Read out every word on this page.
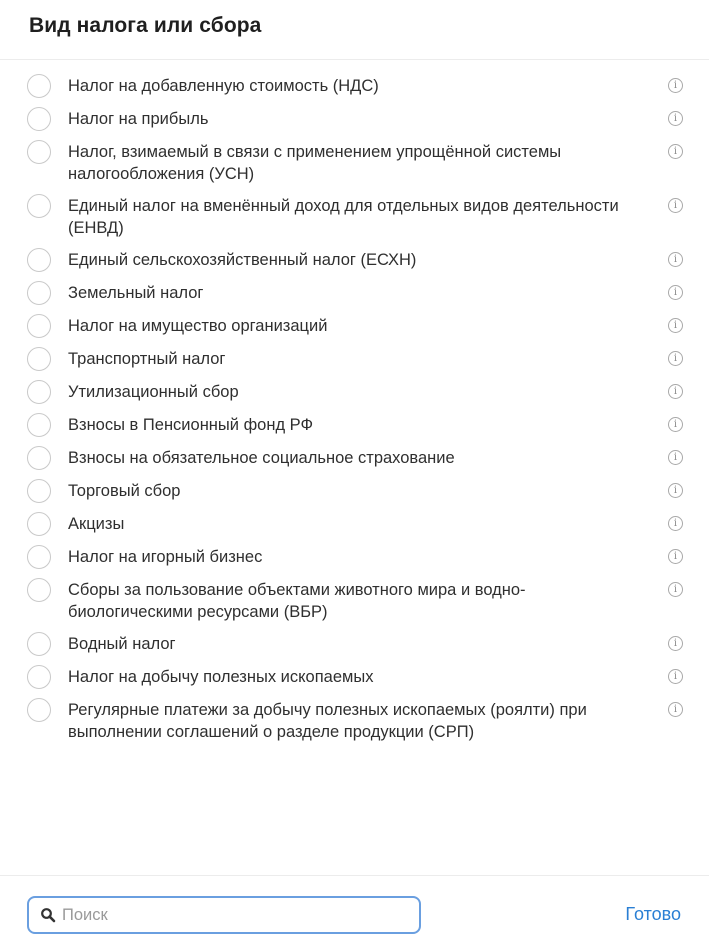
Вид налога или сбора
Налог на добавленную стоимость (НДС)	i
Налог на прибыль	i
Налог, взимаемый в связи с применением упрощённой системы налогообложения (УСН)
i
Единый налог на вменённый доход для отдельных видов деятельности (ЕНВД)
i
Единый сельскохозяйственный налог (ЕСХН)	i
Земельный налог	i
Налог на имущество организаций	i
Транспортный налог	i
Утилизационный сбор	i
Взносы в Пенсионный фонд РФ	i
Взносы на обязательное социальное страхование	i
Торговый сбор	i
Акцизы	i
Налог на игорный бизнес	i
Сборы за пользование объектами животного мира и водно-биологическими ресурсами (ВБР)
i
Водный налог	i
Налог на добычу полезных ископаемых	i
Регулярные платежи за добычу полезных ископаемых (роялти) при выполнении соглашений о разделе продукции (СРП)
i
Поиск
Готово
